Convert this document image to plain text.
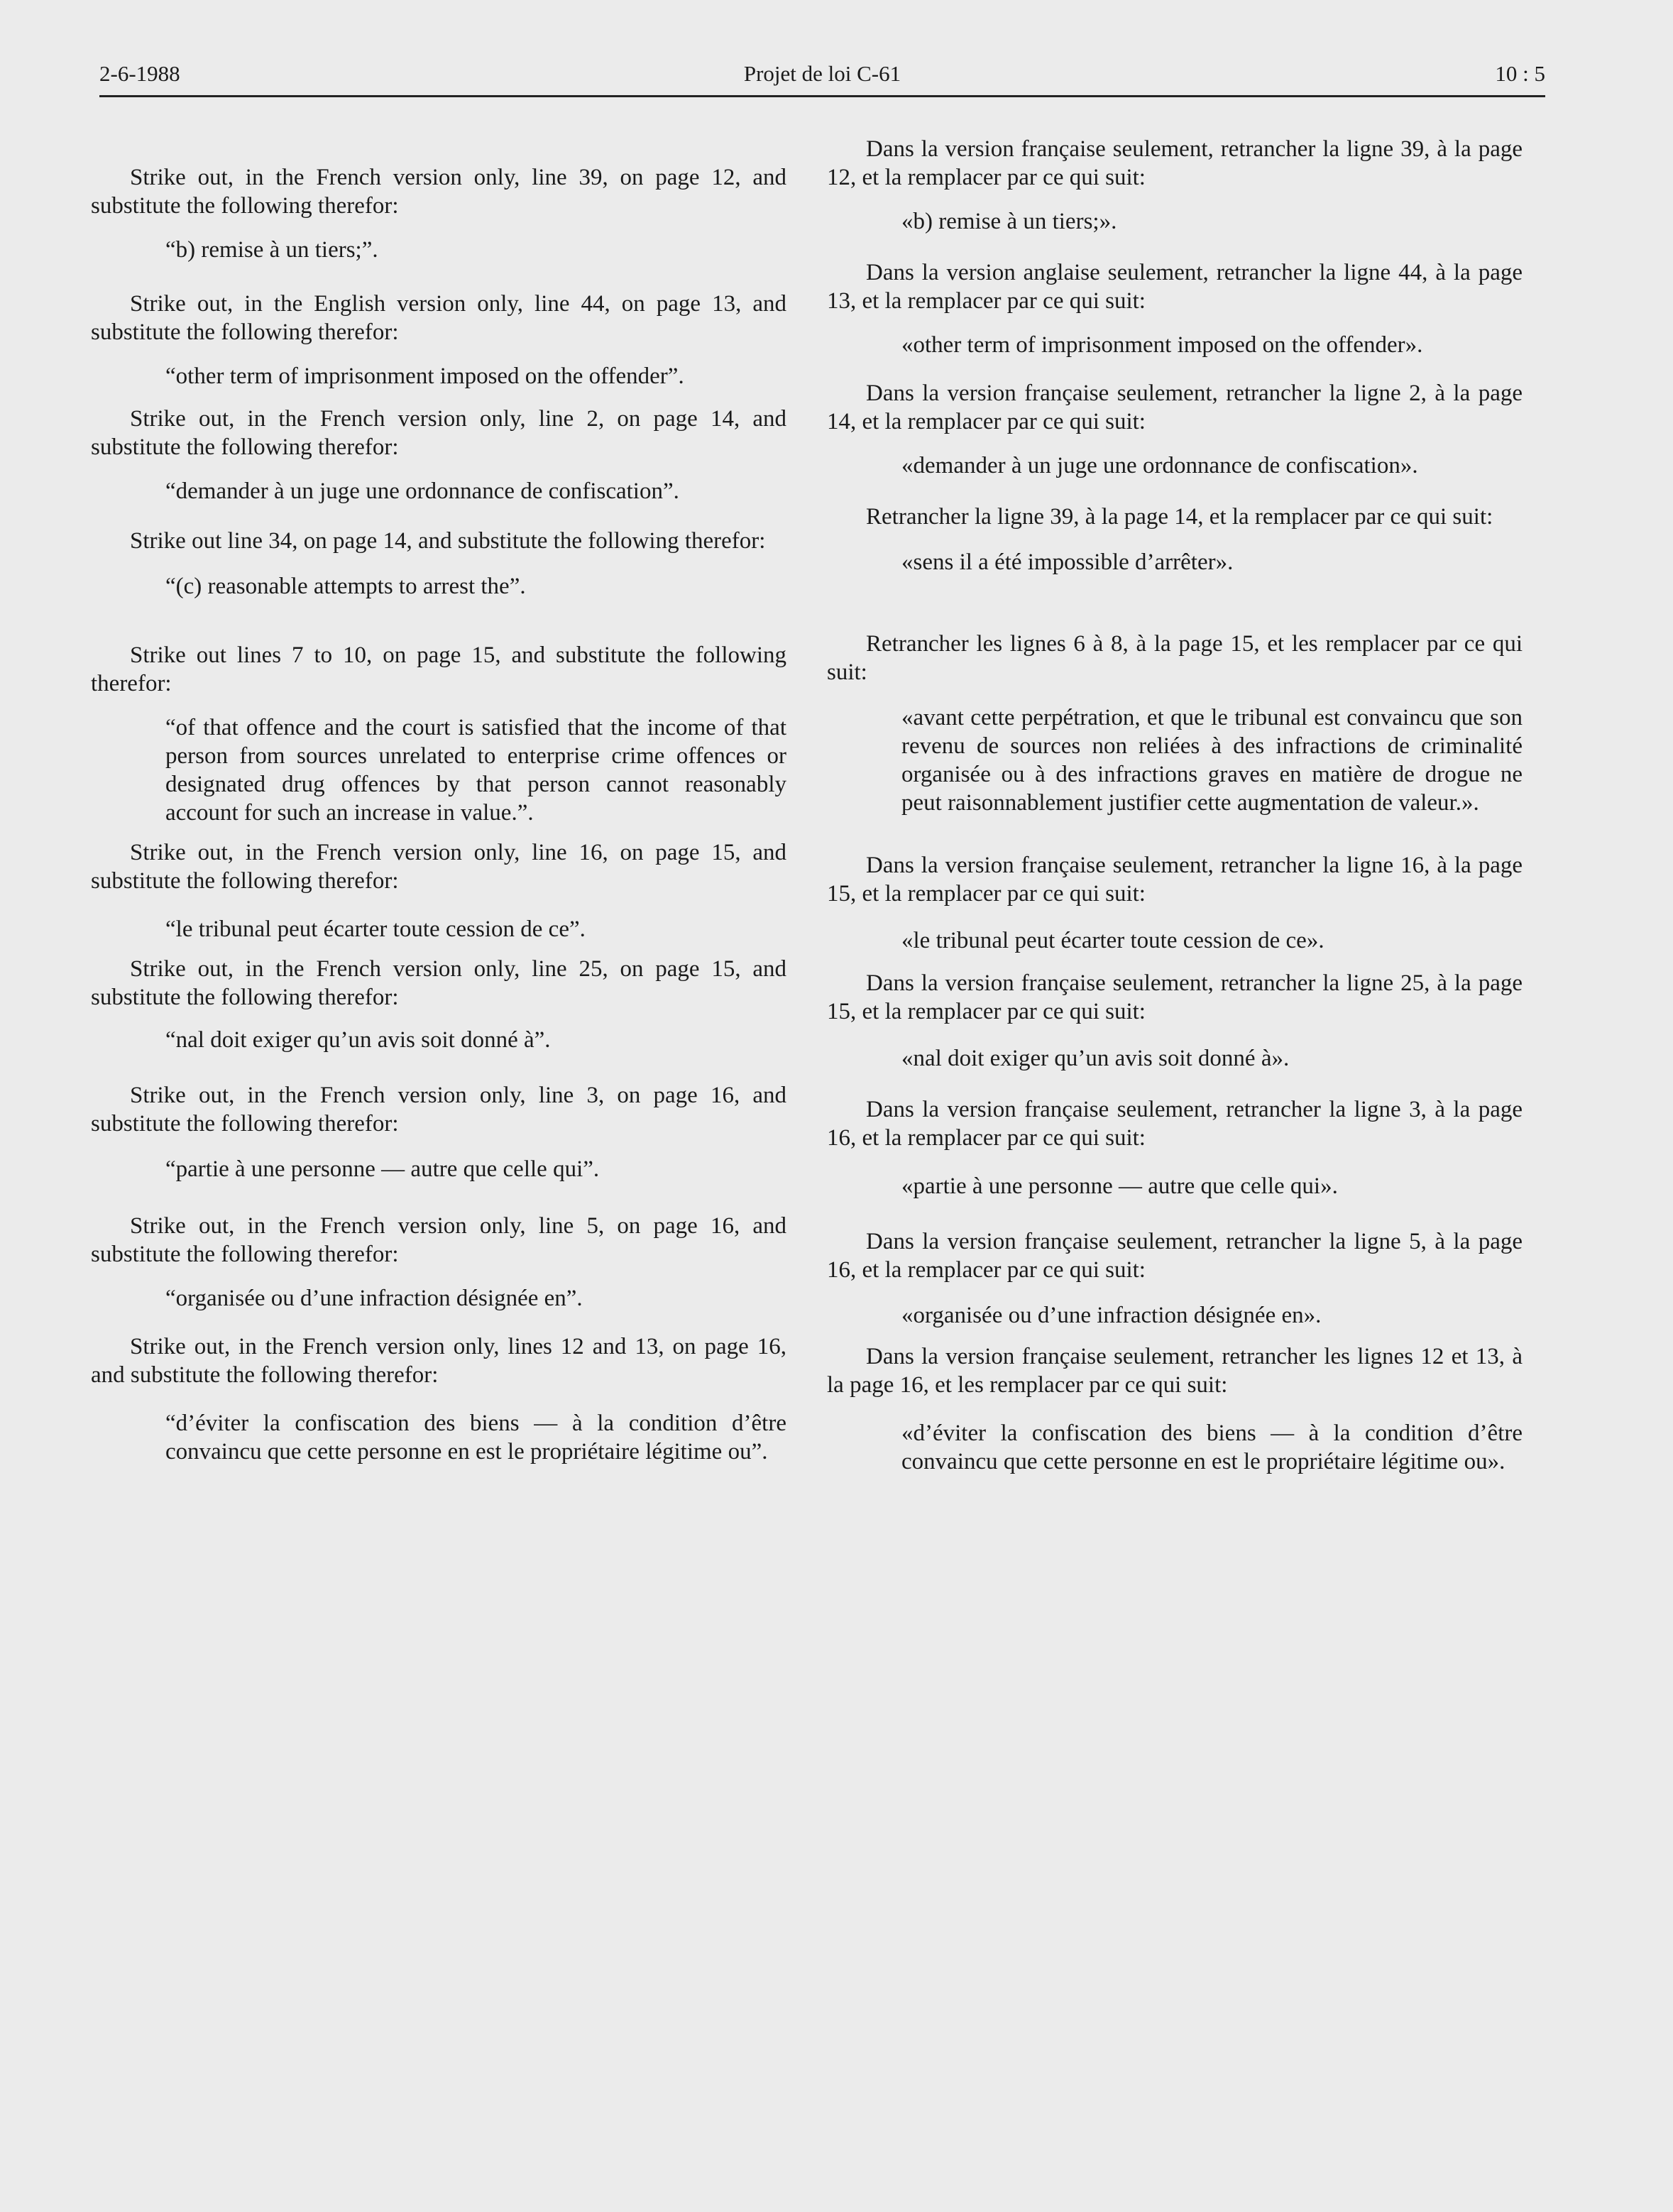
2-6-1988	Projet de loi C-61	10 : 5

Strike out, in the French version only, line 39, on page 12, and substitute the following therefor:

“b) remise à un tiers;”.

Strike out, in the English version only, line 44, on page 13, and substitute the following therefor:

“other term of imprisonment imposed on the offender”.

Strike out, in the French version only, line 2, on page 14, and substitute the following therefor:

“demander à un juge une ordonnance de confiscation”.

Strike out line 34, on page 14, and substitute the following therefor:

“(c) reasonable attempts to arrest the”.

Strike out lines 7 to 10, on page 15, and substitute the following therefor:

“of that offence and the court is satisfied that the income of that person from sources unrelated to enterprise crime offences or designated drug offences by that person cannot reasonably account for such an increase in value.”.

Strike out, in the French version only, line 16, on page 15, and substitute the following therefor:

“le tribunal peut écarter toute cession de ce”.

Strike out, in the French version only, line 25, on page 15, and substitute the following therefor:

“nal doit exiger qu’un avis soit donné à”.

Strike out, in the French version only, line 3, on page 16, and substitute the following therefor:

“partie à une personne — autre que celle qui”.

Strike out, in the French version only, line 5, on page 16, and substitute the following therefor:

“organisée ou d’une infraction désignée en”.

Strike out, in the French version only, lines 12 and 13, on page 16, and substitute the following therefor:

“d’éviter la confiscation des biens — à la condition d’être convaincu que cette personne en est le propriétaire légitime ou”.

Dans la version française seulement, retrancher la ligne 39, à la page 12, et la remplacer par ce qui suit:

«b) remise à un tiers;».

Dans la version anglaise seulement, retrancher la ligne 44, à la page 13, et la remplacer par ce qui suit:

«other term of imprisonment imposed on the offender».

Dans la version française seulement, retrancher la ligne 2, à la page 14, et la remplacer par ce qui suit:

«demander à un juge une ordonnance de confiscation».

Retrancher la ligne 39, à la page 14, et la remplacer par ce qui suit:

«sens il a été impossible d’arrêter».

Retrancher les lignes 6 à 8, à la page 15, et les remplacer par ce qui suit:

«avant cette perpétration, et que le tribunal est convaincu que son revenu de sources non reliées à des infractions de criminalité organisée ou à des infractions graves en matière de drogue ne peut raisonnablement justifier cette augmentation de valeur.».

Dans la version française seulement, retrancher la ligne 16, à la page 15, et la remplacer par ce qui suit:

«le tribunal peut écarter toute cession de ce».

Dans la version française seulement, retrancher la ligne 25, à la page 15, et la remplacer par ce qui suit:

«nal doit exiger qu’un avis soit donné à».

Dans la version française seulement, retrancher la ligne 3, à la page 16, et la remplacer par ce qui suit:

«partie à une personne — autre que celle qui».

Dans la version française seulement, retrancher la ligne 5, à la page 16, et la remplacer par ce qui suit:

«organisée ou d’une infraction désignée en».

Dans la version française seulement, retrancher les lignes 12 et 13, à la page 16, et les remplacer par ce qui suit:

«d’éviter la confiscation des biens — à la condition d’être convaincu que cette personne en est le propriétaire légitime ou».
